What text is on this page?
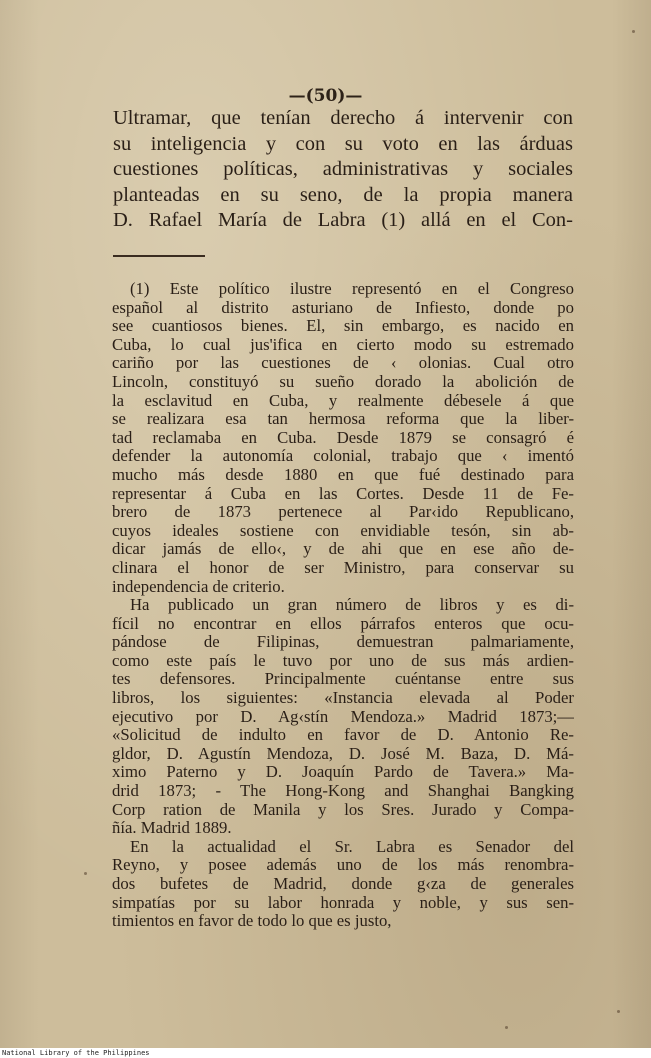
—(50)—
Ultramar, que tenían derecho á intervenir con
su inteligencia y con su voto en las árduas
cuestiones políticas, administrativas y sociales
planteadas en su seno, de la propia manera
D. Rafael María de Labra (1) allá en el Con-
(1) Este político ilustre representó en el Congreso
español al distrito asturiano de Infiesto, donde po
see cuantiosos bienes. El, sin embargo, es nacido en
Cuba, lo cual jus'ifica en cierto modo su estremado
cariño por las cuestiones de ‹ olonias. Cual otro
Lincoln, constituyó su sueño dorado la abolición de
la esclavitud en Cuba, y realmente débesele á que
se realizara esa tan hermosa reforma que la liber-
tad reclamaba en Cuba. Desde 1879 se consagró é
defender la autonomía colonial, trabajo que ‹ imentó
mucho más desde 1880 en que fué destinado para
representar á Cuba en las Cortes. Desde 11 de Fe-
brero de 1873 pertenece al Par‹ido Republicano,
cuyos ideales sostiene con envidiable tesón, sin ab-
dicar jamás de ello‹, y de ahi que en ese año de-
clinara el honor de ser Ministro, para conservar su
independencia de criterio.
Ha publicado un gran número de libros y es di-
fícil no encontrar en ellos párrafos enteros que ocu-
pándose de Filipinas, demuestran palmariamente,
como este país le tuvo por uno de sus más ardien-
tes defensores. Principalmente cuéntanse entre sus
libros, los siguientes: «Instancia elevada al Poder
ejecutivo por D. Ag‹stín Mendoza.» Madrid 1873;—
«Solicitud de indulto en favor de D. Antonio Re-
gldor, D. Agustín Mendoza, D. José M. Baza, D. Má-
ximo Paterno y D. Joaquín Pardo de Tavera.» Ma-
drid 1873; - The Hong-Kong and Shanghai Bangking
Corp ration de Manila y los Sres. Jurado y Compa-
ñía. Madrid 1889.
En la actualidad el Sr. Labra es Senador del
Reyno, y posee además uno de los más renombra-
dos bufetes de Madrid, donde g‹za de generales
simpatías por su labor honrada y noble, y sus sen-
timientos en favor de todo lo que es justo,
National Library of the Philippines
